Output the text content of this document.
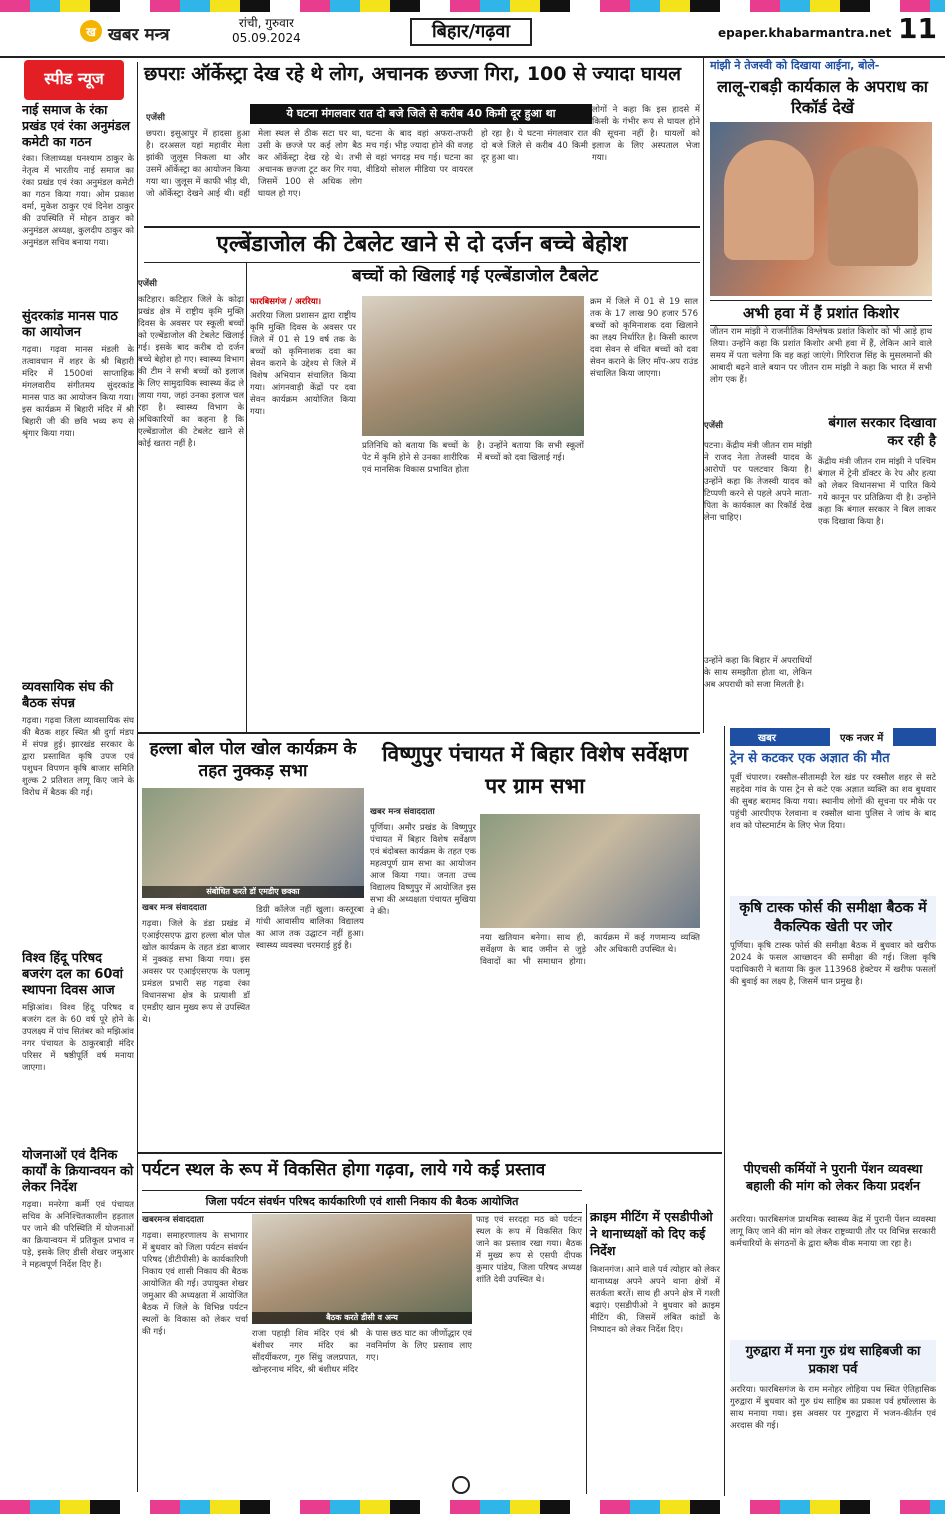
ख खबर मन्त्र
रांची, गुरुवार
05.09.2024	बिहार/गढ़वा	epaper.khabarmantra.net 11
स्पीड न्यूज
नाई समाज के रंका प्रखंड एवं रंका अनुमंडल कमेटी का गठन
रंका। जिलाध्यक्ष घनश्याम ठाकुर के नेतृत्व में भारतीय नाई समाज का रंका प्रखंड एवं रंका अनुमंडल कमेटी का गठन किया गया। ओम प्रकाश वर्मा, मुकेश ठाकुर एवं दिनेश ठाकुर की उपस्थिति में मोहन ठाकुर को अनुमंडल अध्यक्ष, कुलदीप ठाकुर को अनुमंडल सचिव बनाया गया।
सुंदरकांड मानस पाठ का आयोजन
गढ़वा। गढ़वा मानस मंडली के तत्वावधान में शहर के श्री बिहारी मंदिर में 1500वां साप्ताहिक मंगलवारीय संगीतमय सुंदरकांड मानस पाठ का आयोजन किया गया। इस कार्यक्रम में बिहारी मंदिर में श्री बिहारी जी की छवि भव्य रूप से श्रृंगार किया गया।
व्यवसायिक संघ की बैठक संपन्न
गढ़वा। गढ़वा जिला व्यावसायिक संघ की बैठक शहर स्थित श्री दुर्गा मंडप में संपन्न हुई। झारखंड सरकार के द्वारा प्रस्तावित कृषि उपज एवं पशुधन विपणन कृषि बाजार समिति शुल्क 2 प्रतिशत लागू किए जाने के विरोध में बैठक की गई।
विश्व हिंदू परिषद बजरंग दल का 60वां स्थापना दिवस आज
मझिआंव। विश्व हिंदू परिषद व बजरंग दल के 60 वर्ष पूरे होने के उपलक्ष्य में पांच सितंबर को मझिआंव नगर पंचायत के ठाकुरबाड़ी मंदिर परिसर में षष्ठीपूर्ति वर्ष मनाया जाएगा।
योजनाओं एवं दैनिक कार्यों के क्रियान्वयन को लेकर निर्देश
गढ़वा। मनरेगा कर्मी एवं पंचायत सचिव के अनिश्चितकालीन हड़ताल पर जाने की परिस्थिति में योजनाओं का क्रियान्वयन में प्रतिकूल प्रभाव न पड़े, इसके लिए डीसी शेखर जमुआर ने महत्वपूर्ण निर्देश दिए हैं।
छपराः ऑर्केस्ट्रा देख रहे थे लोग, अचानक छज्जा गिरा, 100 से ज्यादा घायल
ये घटना मंगलवार रात दो बजे जिले से करीब 40 किमी दूर हुआ था
एजेंसी
छपरा। इसुआपुर में हादसा हुआ है। दरअसल यहां महावीर मेला झांकी जुलूस निकला था और उसमें ऑर्केस्ट्रा का आयोजन किया गया था। जुलूस में काफी भीड़ थी, जो ऑर्केस्ट्रा देखने आई थी। वहीं मेला स्थल से ठीक सटा घर था, उसी के छज्जे पर कई लोग बैठ कर ऑर्केस्ट्रा देख रहे थे। तभी अचानक छज्जा टूट कर गिर गया, जिसमें 100 से अधिक लोग घायल हो गए।
घटना के बाद वहां अफरा-तफरी मच गई। भीड़ ज्यादा होने की वजह से वहां भगदड़ मच गई। घटना का वीडियो सोशल मीडिया पर वायरल हो रहा है। ये घटना मंगलवार रात दो बजे जिले से करीब 40 किमी दूर हुआ था।
लोगों ने कहा कि इस हादसे में किसी के गंभीर रूप से घायल होने की सूचना नहीं है। घायलों को इलाज के लिए अस्पताल भेजा गया।
मांझी ने तेजस्वी को दिखाया आईना, बोले-
लालू-राबड़ी कार्यकाल के अपराध का रिकॉर्ड देखें
अभी हवा में हैं प्रशांत किशोर
जीतन राम मांझी ने राजनीतिक विश्लेषक प्रशांत किशोर को भी आड़े हाथ लिया। उन्होंने कहा कि प्रशांत किशोर अभी हवा में हैं, लेकिन आने वाले समय में पता चलेगा कि वह कहां जाएंगे। गिरिराज सिंह के मुसलमानों की आबादी बढ़ने वाले बयान पर जीतन राम मांझी ने कहा कि भारत में सभी लोग एक हैं।
एजेंसी
पटना। केंद्रीय मंत्री जीतन राम मांझी ने राजद नेता तेजस्वी यादव के आरोपों पर पलटवार किया है। उन्होंने कहा कि तेजस्वी यादव को टिप्पणी करने से पहले अपने माता-पिता के कार्यकाल का रिकॉर्ड देख लेना चाहिए।
उन्होंने कहा कि बिहार में अपराधियों के साथ समझौता होता था, लेकिन अब अपराधी को सजा मिलती है।
बंगाल सरकार दिखावा कर रही है
केंद्रीय मंत्री जीतन राम मांझी ने पश्चिम बंगाल में ट्रेनी डॉक्टर के रेप और हत्या को लेकर विधानसभा में पारित किये गये कानून पर प्रतिक्रिया दी है। उन्होंने कहा कि बंगाल सरकार ने बिल लाकर एक दिखावा किया है।
एल्बेंडाजोल की टेबलेट खाने से दो दर्जन बच्चे बेहोश
एजेंसी
कटिहार। कटिहार जिले के कोढ़ा प्रखंड क्षेत्र में राष्ट्रीय कृमि मुक्ति दिवस के अवसर पर स्कूली बच्चों को एल्बेंडाजोल की टेबलेट खिलाई गई। इसके बाद करीब दो दर्जन बच्चे बेहोश हो गए। स्वास्थ्य विभाग की टीम ने सभी बच्चों को इलाज के लिए सामुदायिक स्वास्थ्य केंद्र ले जाया गया, जहां उनका इलाज चल रहा है। स्वास्थ्य विभाग के अधिकारियों का कहना है कि एल्बेंडाजोल की टेबलेट खाने से कोई खतरा नहीं है।
बच्चों को खिलाई गई एल्बेंडाजोल टैबलेट
फारबिसगंज / अररिया।
अररिया जिला प्रशासन द्वारा राष्ट्रीय कृमि मुक्ति दिवस के अवसर पर जिले में 01 से 19 वर्ष तक के बच्चों को कृमिनाशक दवा का सेवन कराने के उद्देश्य से जिले में विशेष अभियान संचालित किया गया। आंगनवाड़ी केंद्रों पर दवा सेवन कार्यक्रम आयोजित किया गया।
प्रतिनिधि को बताया कि बच्चों के पेट में कृमि होने से उनका शारीरिक एवं मानसिक विकास प्रभावित होता है। उन्होंने बताया कि सभी स्कूलों में बच्चों को दवा खिलाई गई।
क्रम में जिले में 01 से 19 साल तक के 17 लाख 90 हजार 576 बच्चों को कृमिनाशक दवा खिलाने का लक्ष्य निर्धारित है। किसी कारण दवा सेवन से वंचित बच्चों को दवा सेवन कराने के लिए मॉप-अप राउंड संचालित किया जाएगा।
हल्ला बोल पोल खोल कार्यक्रम के तहत नुक्कड़ सभा
संबोधित करते डॉ एमडीए छक्का
खबर मन्त्र संवाददाता
गढ़वा। जिले के डंडा प्रखंड में एआईएसएफ द्वारा हल्ला बोल पोल खोल कार्यक्रम के तहत डंडा बाजार में नुक्कड़ सभा किया गया। इस अवसर पर एआईएसएफ के पलामू प्रमंडल प्रभारी सह गढ़वा रंका विधानसभा क्षेत्र के प्रत्याशी डॉ एमडीए खान मुख्य रूप से उपस्थित थे।
डिग्री कॉलेज नहीं खुला। कस्तूरबा गांधी आवासीय बालिका विद्यालय का आज तक उद्घाटन नहीं हुआ। स्वास्थ्य व्यवस्था चरमराई हुई है।
विष्णुपुर पंचायत में बिहार विशेष सर्वेक्षण पर ग्राम सभा
खबर मन्त्र संवाददाता
पूर्णिया। अमौर प्रखंड के विष्णुपुर पंचायत में बिहार विशेष सर्वेक्षण एवं बंदोबस्त कार्यक्रम के तहत एक महत्वपूर्ण ग्राम सभा का आयोजन आज किया गया। जनता उच्च विद्यालय विष्णुपुर में आयोजित इस सभा की अध्यक्षता पंचायत मुखिया ने की।
नया खतियान बनेगा। साथ ही, सर्वेक्षण के बाद जमीन से जुड़े विवादों का भी समाधान होगा। कार्यक्रम में कई गणमान्य व्यक्ति और अधिकारी उपस्थित थे।
खबर	एक नजर में
ट्रेन से कटकर एक अज्ञात की मौत
पूर्वी चंपारण। रक्सौल-सीतामढ़ी रेल खंड पर रक्सौल शहर से सटे सहदेवा गांव के पास ट्रेन से कटे एक अज्ञात व्यक्ति का शव बुधवार की सुबह बरामद किया गया। स्थानीय लोगों की सूचना पर मौके पर पहुंची आरपीएफ रेलवाना व रक्सौल थाना पुलिस ने जांच के बाद शव को पोस्टमार्टम के लिए भेज दिया।
कृषि टास्क फोर्स की समीक्षा बैठक में वैकल्पिक खेती पर जोर
पूर्णिया। कृषि टास्क फोर्स की समीक्षा बैठक में बुधवार को खरीफ 2024 के फसल आच्छादन की समीक्षा की गई। जिला कृषि पदाधिकारी ने बताया कि कुल 113968 हेक्टेयर में खरीफ फसलों की बुवाई का लक्ष्य है, जिसमें धान प्रमुख है।
पीएचसी कर्मियों ने पुरानी पेंशन व्यवस्था बहाली की मांग को लेकर किया प्रदर्शन
अररिया। फारबिसगंज प्राथमिक स्वास्थ्य केंद्र में पुरानी पेंशन व्यवस्था लागू किए जाने की मांग को लेकर राष्ट्रव्यापी तौर पर विभिन्न सरकारी कर्मचारियों के संगठनों के द्वारा ब्लैक वीक मनाया जा रहा है।
गुरुद्वारा में मना गुरु ग्रंथ साहिबजी का प्रकाश पर्व
अररिया। फारबिसगंज के राम मनोहर लोहिया पथ स्थित ऐतिहासिक गुरुद्वारा में बुधवार को गुरु ग्रंथ साहिब का प्रकाश पर्व हर्षोल्लास के साथ मनाया गया। इस अवसर पर गुरुद्वारा में भजन-कीर्तन एवं अरदास की गई।
पर्यटन स्थल के रूप में विकसित होगा गढ़वा, लाये गये कई प्रस्ताव
जिला पर्यटन संवर्धन परिषद कार्यकारिणी एवं शासी निकाय की बैठक आयोजित
खबरमन्त्र संवाददाता
गढ़वा। समाहरणालय के सभागार में बुधवार को जिला पर्यटन संवर्धन परिषद (डीटीपीसी) के कार्यकारिणी निकाय एवं शासी निकाय की बैठक आयोजित की गई। उपायुक्त शेखर जमुआर की अध्यक्षता में आयोजित बैठक में जिले के विभिन्न पर्यटन स्थलों के विकास को लेकर चर्चा की गई।
बैठक करते डीसी व अन्य
राजा पहाड़ी शिव मंदिर एवं श्री बंशीधर नगर मंदिर का सौंदर्यीकरण, गुरु सिंधु जलप्रपात, खोन्हरनाथ मंदिर, श्री बंशीधर मंदिर के पास छठ घाट का जीर्णोद्धार एवं नवनिर्माण के लिए प्रस्ताव लाए गए।
फाइ एवं सरदहा मठ को पर्यटन स्थल के रूप में विकसित किए जाने का प्रस्ताव रखा गया। बैठक में मुख्य रूप से एसपी दीपक कुमार पांडेय, जिला परिषद अध्यक्ष शांति देवी उपस्थित थे।
क्राइम मीटिंग में एसडीपीओ ने थानाध्यक्षों को दिए कई निर्देश
किशनगंज। आने वाले पर्व त्योहार को लेकर थानाध्यक्ष अपने अपने थाना क्षेत्रों में सतर्कता बरतें। साथ ही अपने क्षेत्र में गश्ती बढ़ाएं। एसडीपीओ ने बुधवार को क्राइम मीटिंग की, जिसमें लंबित कांडों के निष्पादन को लेकर निर्देश दिए।
